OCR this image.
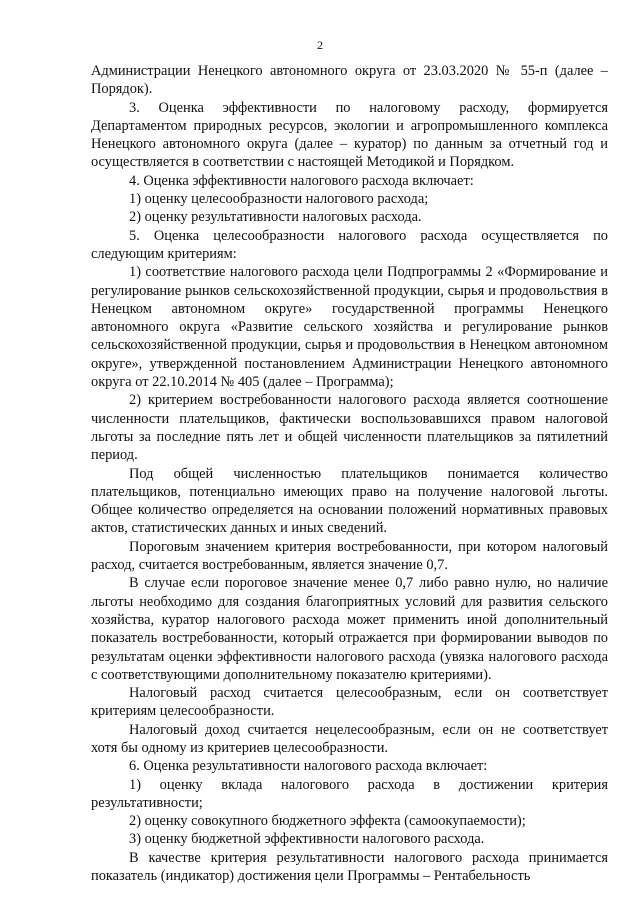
2

Администрации Ненецкого автономного округа от 23.03.2020 № 55-п (далее – Порядок).

3. Оценка эффективности по налоговому расходу, формируется Департаментом природных ресурсов, экологии и агропромышленного комплекса Ненецкого автономного округа (далее – куратор) по данным за отчетный год и осуществляется в соответствии с настоящей Методикой и Порядком.

4. Оценка эффективности налогового расхода включает:

1) оценку целесообразности налогового расхода;

2) оценку результативности налоговых расхода.

5. Оценка целесообразности налогового расхода осуществляется по следующим критериям:

1) соответствие налогового расхода цели Подпрограммы 2 «Формирование и регулирование рынков сельскохозяйственной продукции, сырья и продовольствия в Ненецком автономном округе» государственной программы Ненецкого автономного округа «Развитие сельского хозяйства и регулирование рынков сельскохозяйственной продукции, сырья и продовольствия в Ненецком автономном округе», утвержденной постановлением Администрации Ненецкого автономного округа от 22.10.2014 № 405 (далее – Программа);

2) критерием востребованности налогового расхода является соотношение численности плательщиков, фактически воспользовавшихся правом налоговой льготы за последние пять лет и общей численности плательщиков за пятилетний период.

Под общей численностью плательщиков понимается количество плательщиков, потенциально имеющих право на получение налоговой льготы. Общее количество определяется на основании положений нормативных правовых актов, статистических данных и иных сведений.

Пороговым значением критерия востребованности, при котором налоговый расход, считается востребованным, является значение 0,7.

В случае если пороговое значение менее 0,7 либо равно нулю, но наличие льготы необходимо для создания благоприятных условий для развития сельского хозяйства, куратор налогового расхода может применить иной дополнительный показатель востребованности, который отражается при формировании выводов по результатам оценки эффективности налогового расхода (увязка налогового расхода с соответствующими дополнительному показателю критериями).

Налоговый расход считается целесообразным, если он соответствует критериям целесообразности.

Налоговый доход считается нецелесообразным, если он не соответствует хотя бы одному из критериев целесообразности.

6. Оценка результативности налогового расхода включает:

1) оценку вклада налогового расхода в достижении критерия результативности;

2) оценку совокупного бюджетного эффекта (самоокупаемости);

3) оценку бюджетной эффективности налогового расхода.

В качестве критерия результативности налогового расхода принимается показатель (индикатор) достижения цели Программы – Рентабельность
